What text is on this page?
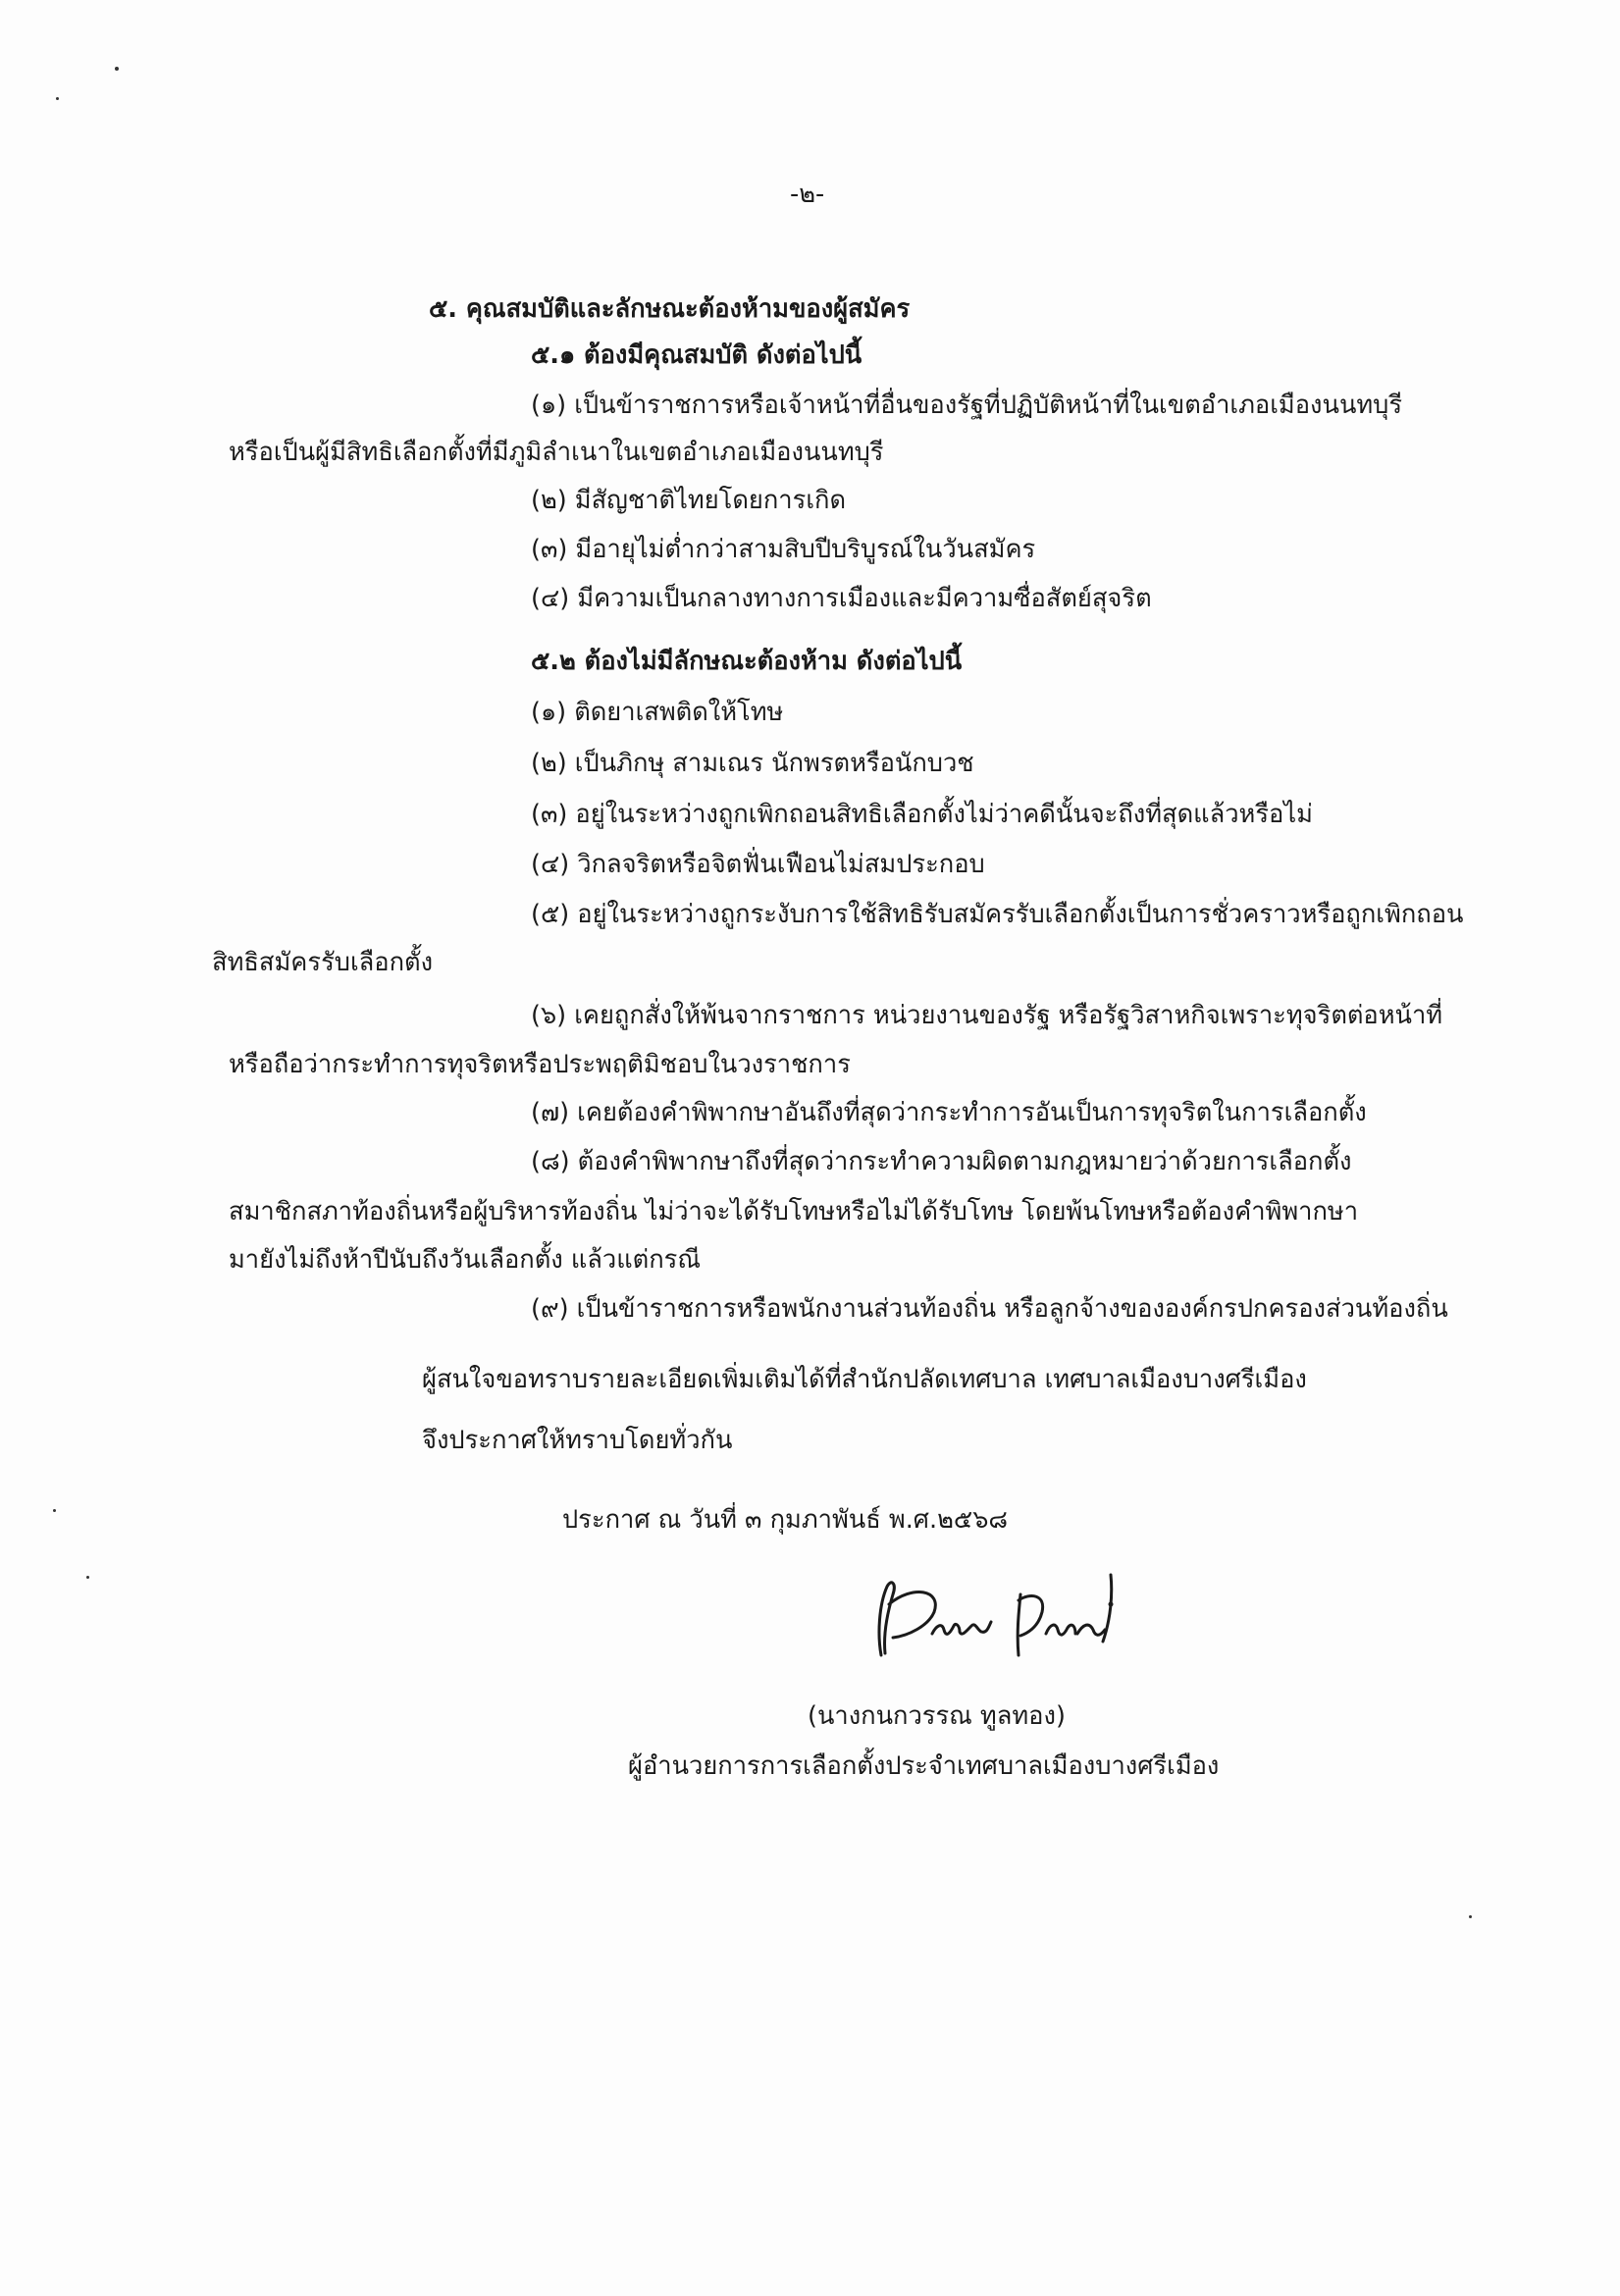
-๒-

๕. คุณสมบัติและลักษณะต้องห้ามของผู้สมัคร

๕.๑ ต้องมีคุณสมบัติ ดังต่อไปนี้

(๑) เป็นข้าราชการหรือเจ้าหน้าที่อื่นของรัฐที่ปฏิบัติหน้าที่ในเขตอำเภอเมืองนนทบุรี

หรือเป็นผู้มีสิทธิเลือกตั้งที่มีภูมิลำเนาในเขตอำเภอเมืองนนทบุรี

(๒) มีสัญชาติไทยโดยการเกิด

(๓) มีอายุไม่ต่ำกว่าสามสิบปีบริบูรณ์ในวันสมัคร

(๔) มีความเป็นกลางทางการเมืองและมีความซื่อสัตย์สุจริต

๕.๒ ต้องไม่มีลักษณะต้องห้าม ดังต่อไปนี้

(๑) ติดยาเสพติดให้โทษ

(๒) เป็นภิกษุ สามเณร นักพรตหรือนักบวช

(๓) อยู่ในระหว่างถูกเพิกถอนสิทธิเลือกตั้งไม่ว่าคดีนั้นจะถึงที่สุดแล้วหรือไม่

(๔) วิกลจริตหรือจิตฟั่นเฟือนไม่สมประกอบ

(๕) อยู่ในระหว่างถูกระงับการใช้สิทธิรับสมัครรับเลือกตั้งเป็นการชั่วคราวหรือถูกเพิกถอน

สิทธิสมัครรับเลือกตั้ง

(๖) เคยถูกสั่งให้พ้นจากราชการ หน่วยงานของรัฐ หรือรัฐวิสาหกิจเพราะทุจริตต่อหน้าที่

หรือถือว่ากระทำการทุจริตหรือประพฤติมิชอบในวงราชการ

(๗) เคยต้องคำพิพากษาอันถึงที่สุดว่ากระทำการอันเป็นการทุจริตในการเลือกตั้ง

(๘) ต้องคำพิพากษาถึงที่สุดว่ากระทำความผิดตามกฎหมายว่าด้วยการเลือกตั้ง

สมาชิกสภาท้องถิ่นหรือผู้บริหารท้องถิ่น ไม่ว่าจะได้รับโทษหรือไม่ได้รับโทษ โดยพ้นโทษหรือต้องคำพิพากษา

มายังไม่ถึงห้าปีนับถึงวันเลือกตั้ง แล้วแต่กรณี

(๙) เป็นข้าราชการหรือพนักงานส่วนท้องถิ่น หรือลูกจ้างขององค์กรปกครองส่วนท้องถิ่น

ผู้สนใจขอทราบรายละเอียดเพิ่มเติมได้ที่สำนักปลัดเทศบาล เทศบาลเมืองบางศรีเมือง

จึงประกาศให้ทราบโดยทั่วกัน

ประกาศ ณ วันที่ ๓ กุมภาพันธ์ พ.ศ.๒๕๖๘

(นางกนกวรรณ ทูลทอง)

ผู้อำนวยการการเลือกตั้งประจำเทศบาลเมืองบางศรีเมือง
